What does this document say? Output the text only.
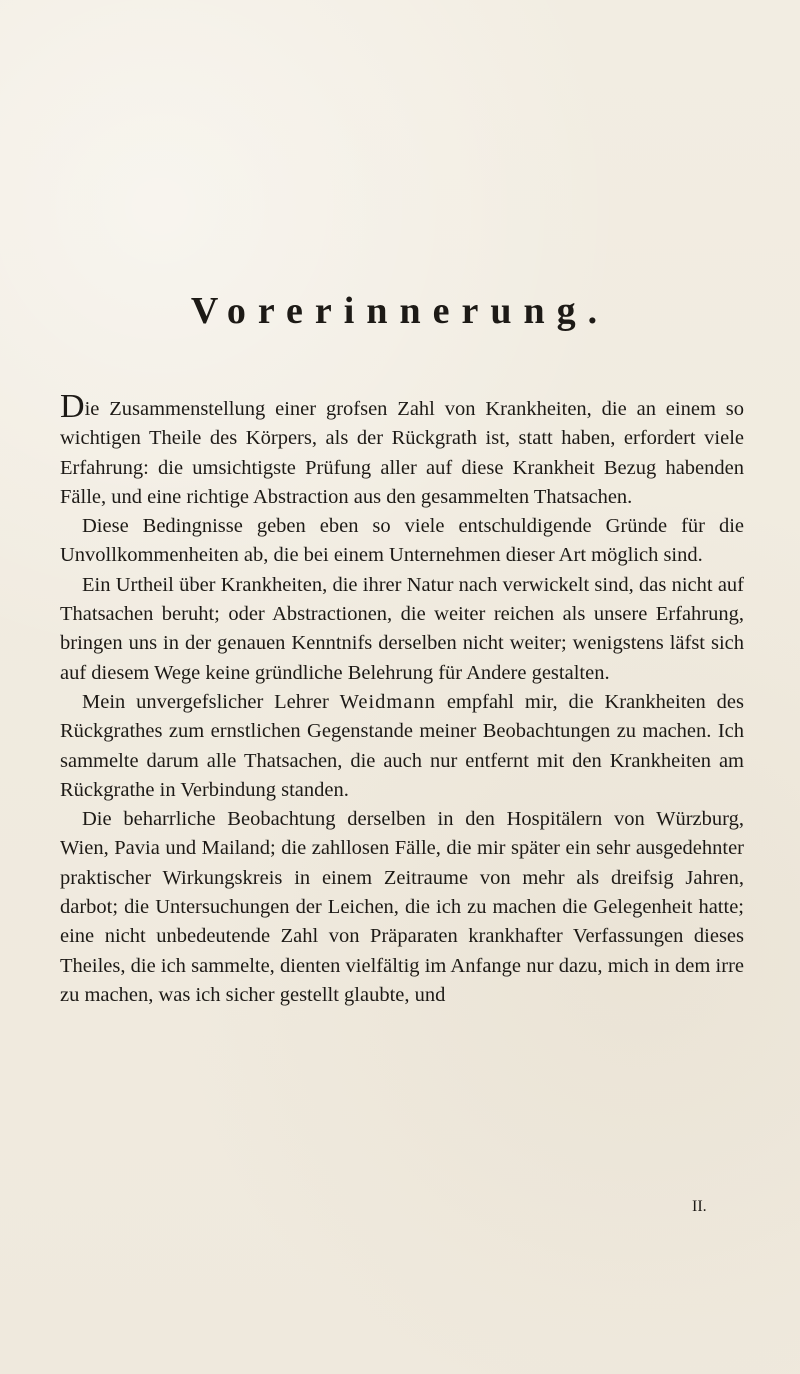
Vorerinnerung.

Die Zusammenstellung einer grofsen Zahl von Krankheiten, die an einem so wichtigen Theile des Körpers, als der Rückgrath ist, statt haben, erfordert viele Erfahrung: die umsichtigste Prüfung aller auf diese Krankheit Bezug habenden Fälle, und eine richtige Abstraction aus den gesammelten Thatsachen.

Diese Bedingnisse geben eben so viele entschuldigende Gründe für die Unvollkommenheiten ab, die bei einem Unternehmen dieser Art möglich sind.

Ein Urtheil über Krankheiten, die ihrer Natur nach verwickelt sind, das nicht auf Thatsachen beruht; oder Abstractionen, die weiter reichen als unsere Erfahrung, bringen uns in der genauen Kenntnifs derselben nicht weiter; wenigstens läfst sich auf diesem Wege keine gründliche Belehrung für Andere gestalten.

Mein unvergefslicher Lehrer Weidmann empfahl mir, die Krankheiten des Rückgrathes zum ernstlichen Gegenstande meiner Beobachtungen zu machen. Ich sammelte darum alle Thatsachen, die auch nur entfernt mit den Krankheiten am Rückgrathe in Verbindung standen.

Die beharrliche Beobachtung derselben in den Hospitälern von Würzburg, Wien, Pavia und Mailand; die zahllosen Fälle, die mir später ein sehr ausgedehnter praktischer Wirkungskreis in einem Zeitraume von mehr als dreifsig Jahren, darbot; die Untersuchungen der Leichen, die ich zu machen die Gelegenheit hatte; eine nicht unbedeutende Zahl von Präparaten krankhafter Verfassungen dieses Theiles, die ich sammelte, dienten vielfältig im Anfange nur dazu, mich in dem irre zu machen, was ich sicher gestellt glaubte, und

II.
